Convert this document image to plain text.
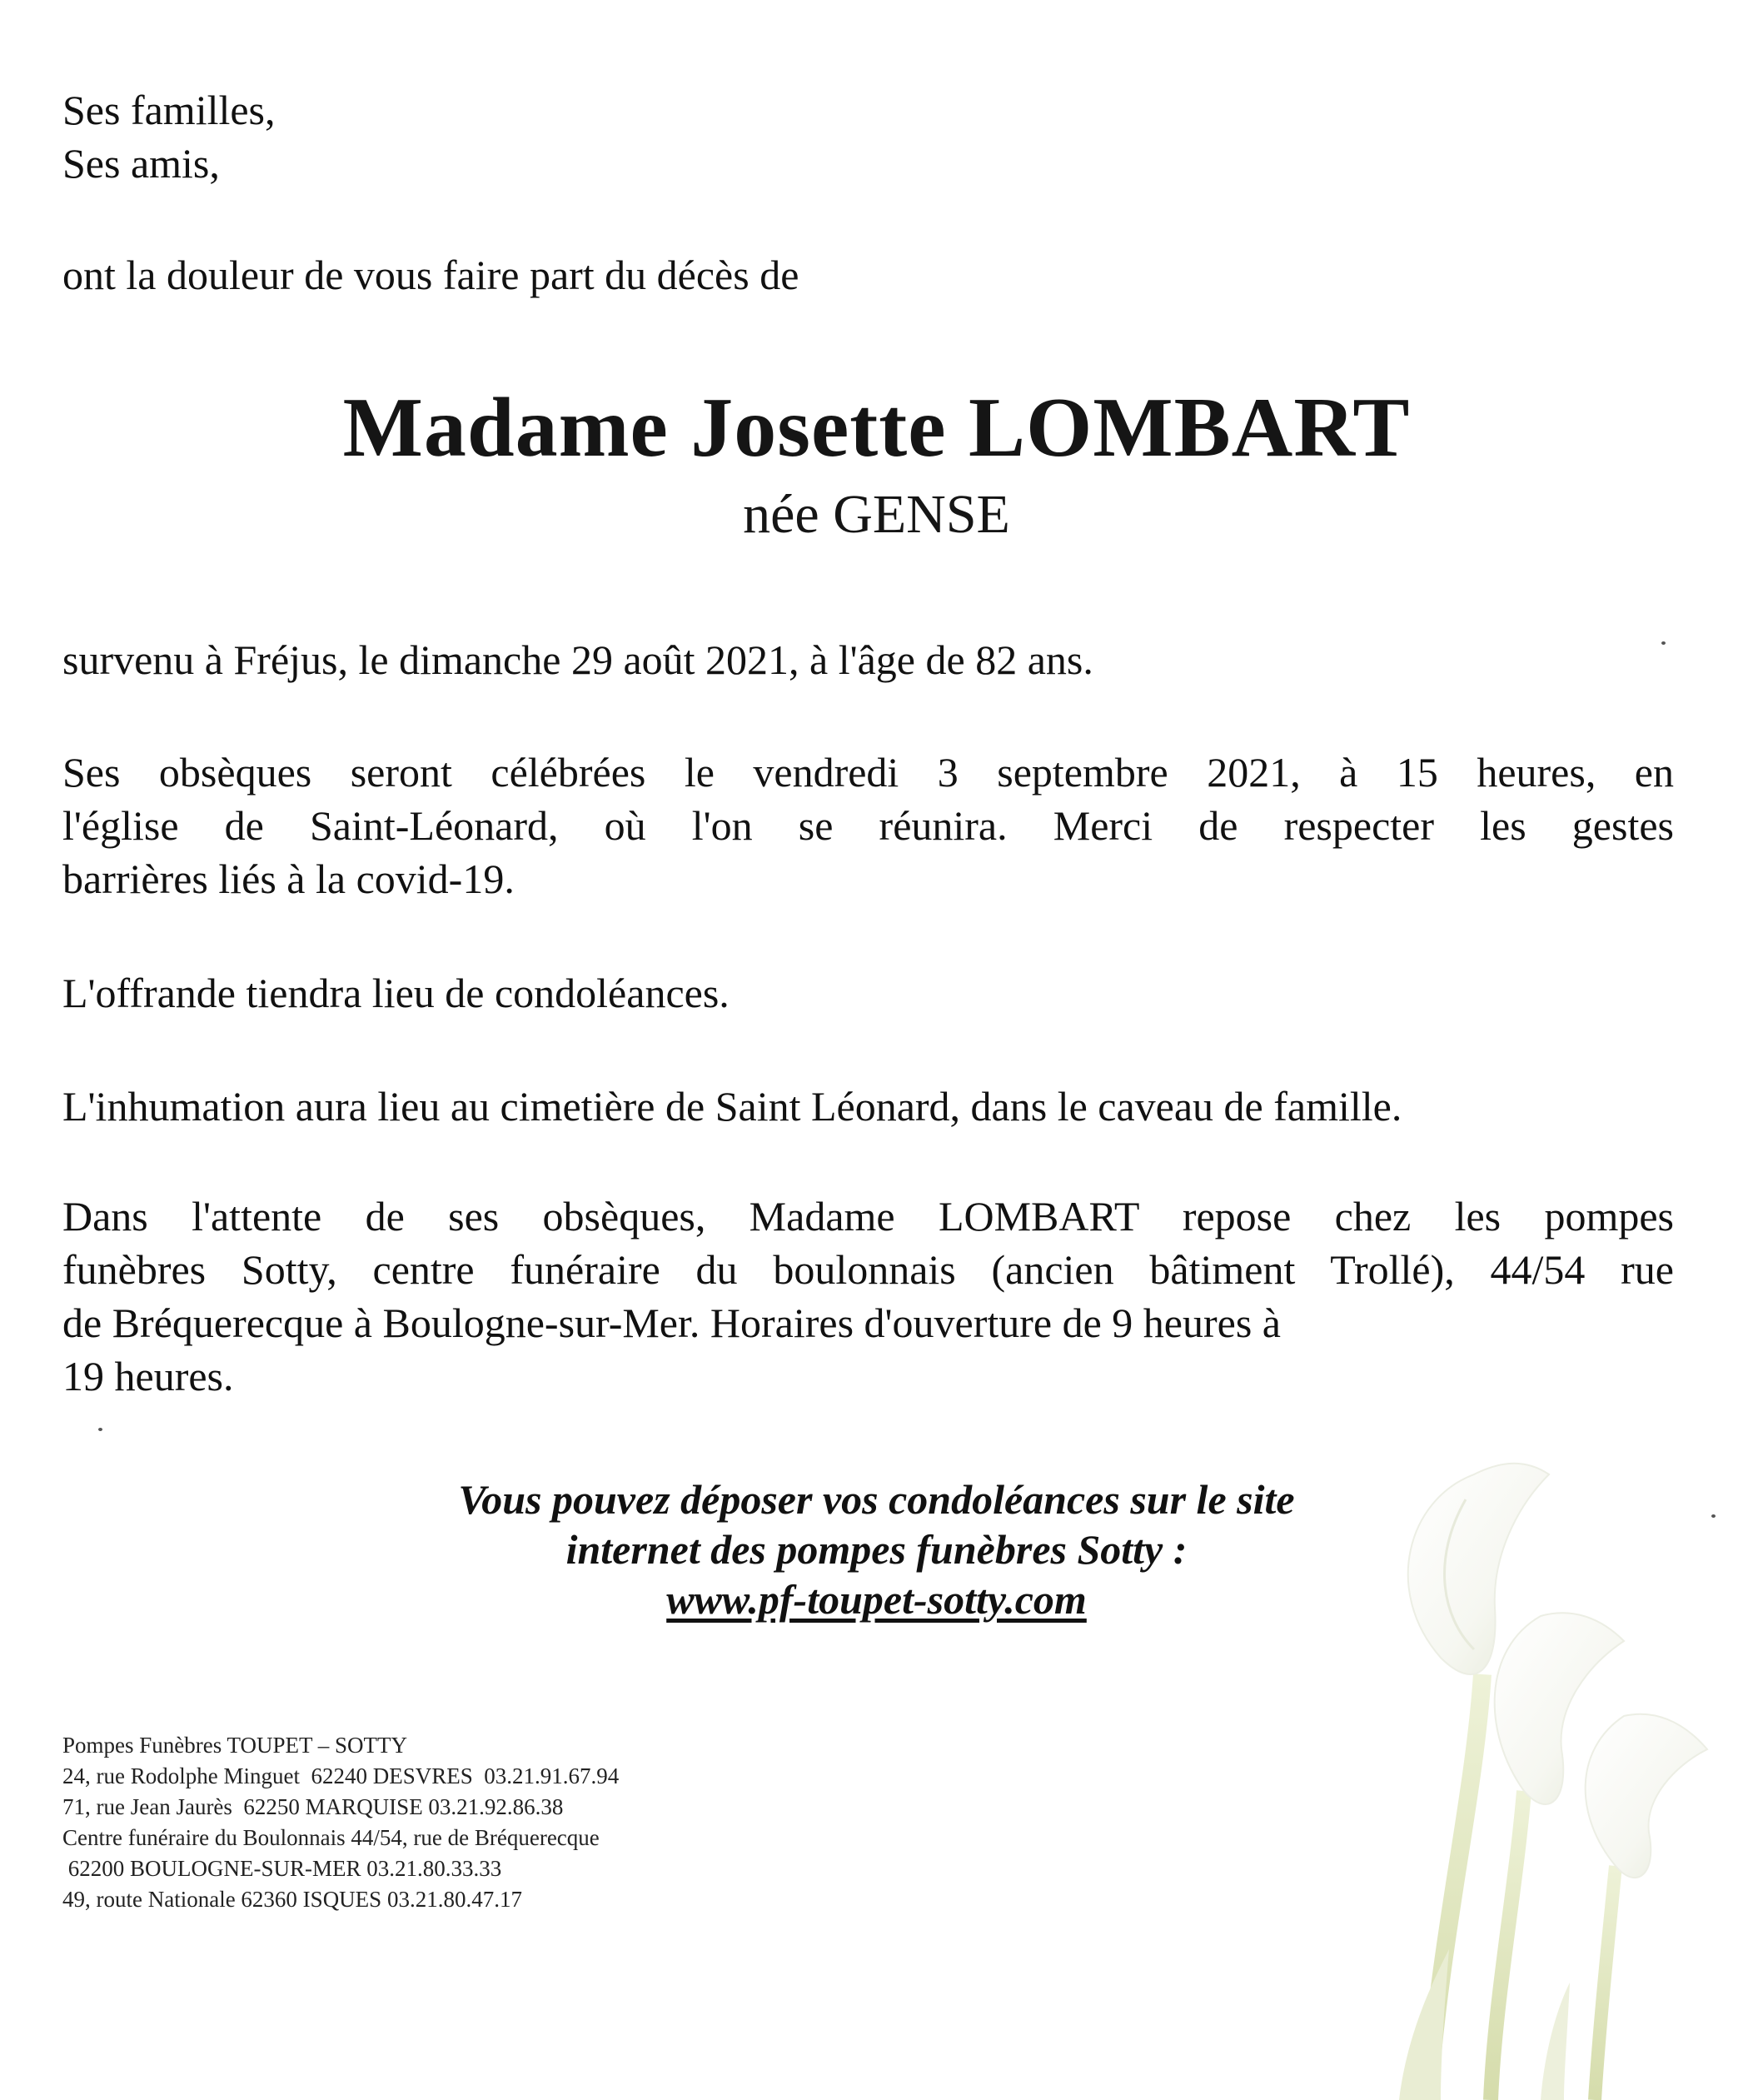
Ses familles,
Ses amis,
ont la douleur de vous faire part du décès de
Madame Josette LOMBART
née GENSE
survenu à Fréjus, le dimanche 29 août 2021, à l'âge de 82 ans.
Ses obsèques seront célébrées le vendredi 3 septembre 2021, à 15 heures, en
l'église de Saint-Léonard, où l'on se réunira. Merci de respecter les gestes
barrières liés à la covid-19.
L'offrande tiendra lieu de condoléances.
L'inhumation aura lieu au cimetière de Saint Léonard, dans le caveau de famille.
Dans l'attente de ses obsèques, Madame LOMBART repose chez les pompes
funèbres Sotty, centre funéraire du boulonnais (ancien bâtiment Trollé), 44/54 rue
de Bréquerecque à Boulogne-sur-Mer. Horaires d'ouverture de 9 heures à
19 heures.
Vous pouvez déposer vos condoléances sur le site
internet des pompes funèbres Sotty :
www.pf-toupet-sotty.com
Pompes Funèbres TOUPET – SOTTY
24, rue Rodolphe Minguet  62240 DESVRES  03.21.91.67.94
71, rue Jean Jaurès  62250 MARQUISE 03.21.92.86.38
Centre funéraire du Boulonnais 44/54, rue de Bréquerecque
62200 BOULOGNE-SUR-MER 03.21.80.33.33
49, route Nationale 62360 ISQUES 03.21.80.47.17
